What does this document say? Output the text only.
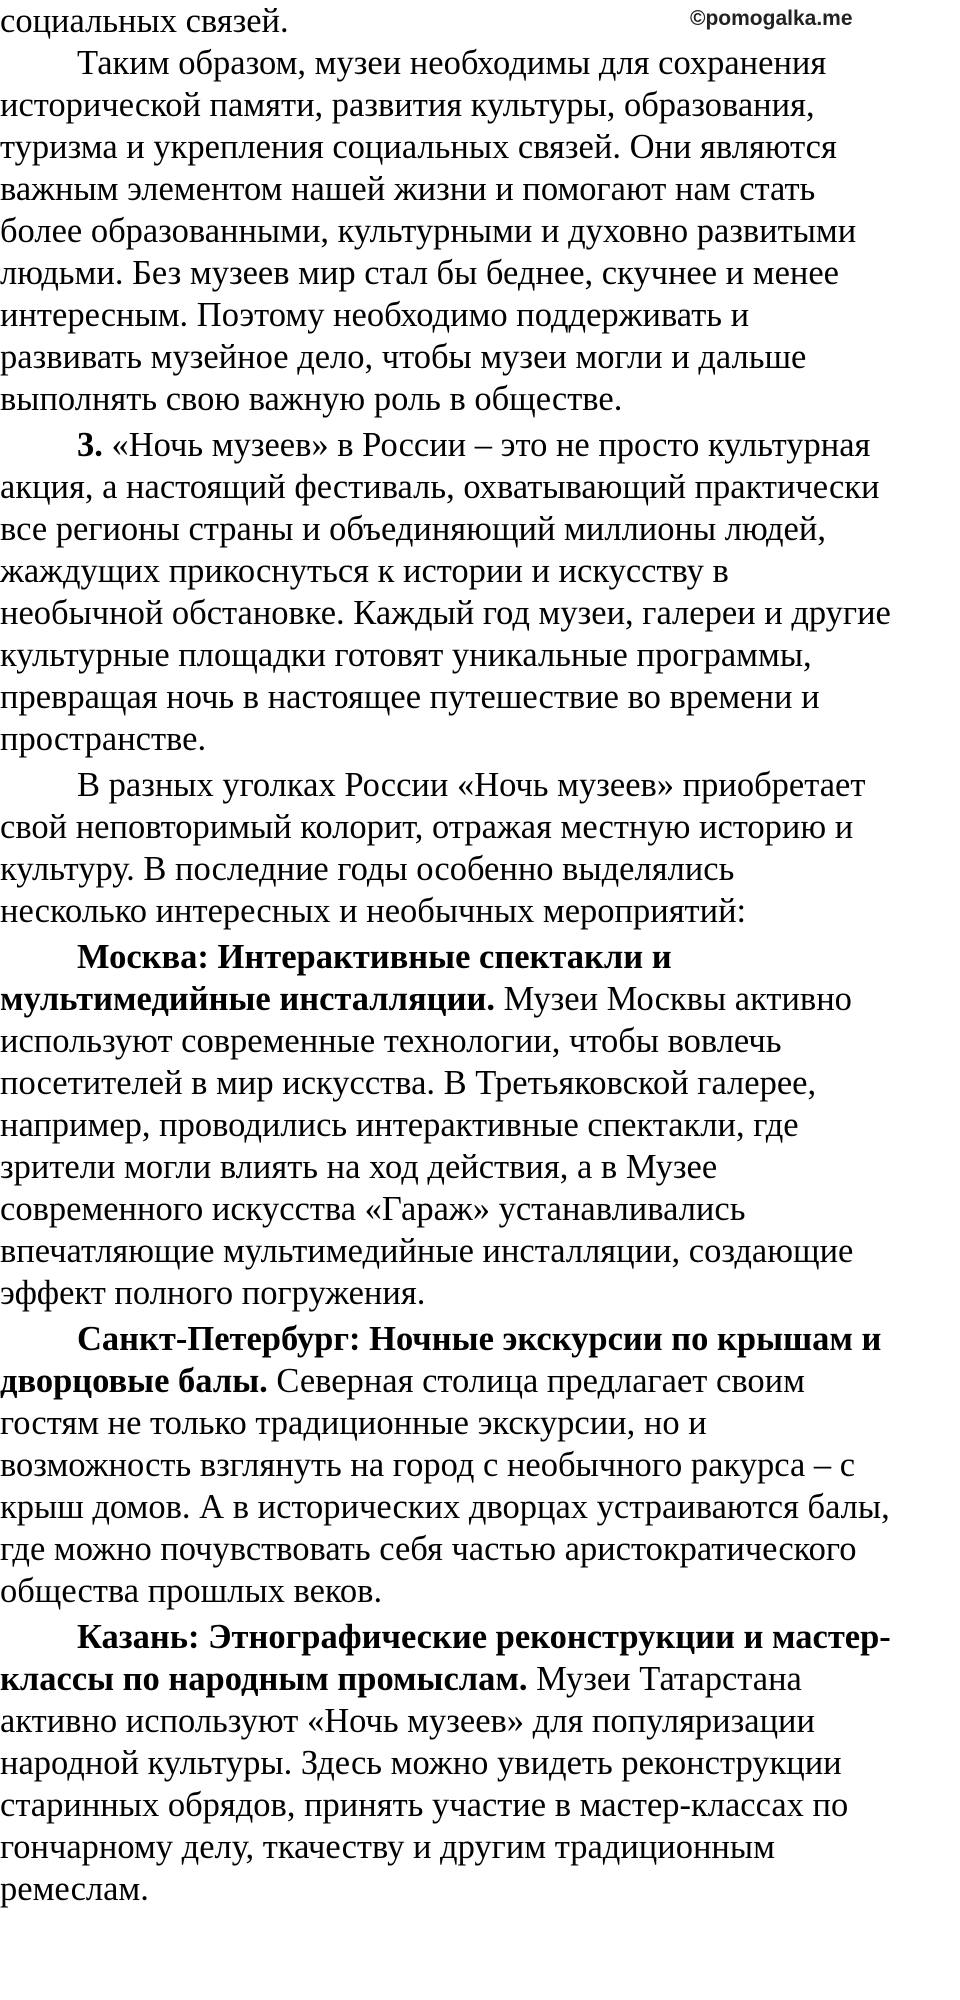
©pomogalka.me
социальных связей.
Таким образом, музеи необходимы для сохранения
исторической памяти, развития культуры, образования,
туризма и укрепления социальных связей. Они являются
важным элементом нашей жизни и помогают нам стать
более образованными, культурными и духовно развитыми
людьми. Без музеев мир стал бы беднее, скучнее и менее
интересным. Поэтому необходимо поддерживать и
развивать музейное дело, чтобы музеи могли и дальше
выполнять свою важную роль в обществе.
3. «Ночь музеев» в России – это не просто культурная
акция, а настоящий фестиваль, охватывающий практически
все регионы страны и объединяющий миллионы людей,
жаждущих прикоснуться к истории и искусству в
необычной обстановке. Каждый год музеи, галереи и другие
культурные площадки готовят уникальные программы,
превращая ночь в настоящее путешествие во времени и
пространстве.
В разных уголках России «Ночь музеев» приобретает
свой неповторимый колорит, отражая местную историю и
культуру. В последние годы особенно выделялись
несколько интересных и необычных мероприятий:
Москва: Интерактивные спектакли и
мультимедийные инсталляции. Музеи Москвы активно
используют современные технологии, чтобы вовлечь
посетителей в мир искусства. В Третьяковской галерее,
например, проводились интерактивные спектакли, где
зрители могли влиять на ход действия, а в Музее
современного искусства «Гараж» устанавливались
впечатляющие мультимедийные инсталляции, создающие
эффект полного погружения.
Санкт-Петербург: Ночные экскурсии по крышам и
дворцовые балы. Северная столица предлагает своим
гостям не только традиционные экскурсии, но и
возможность взглянуть на город с необычного ракурса – с
крыш домов. А в исторических дворцах устраиваются балы,
где можно почувствовать себя частью аристократического
общества прошлых веков.
Казань: Этнографические реконструкции и мастер-
классы по народным промыслам. Музеи Татарстана
активно используют «Ночь музеев» для популяризации
народной культуры. Здесь можно увидеть реконструкции
старинных обрядов, принять участие в мастер-классах по
гончарному делу, ткачеству и другим традиционным
ремеслам.
